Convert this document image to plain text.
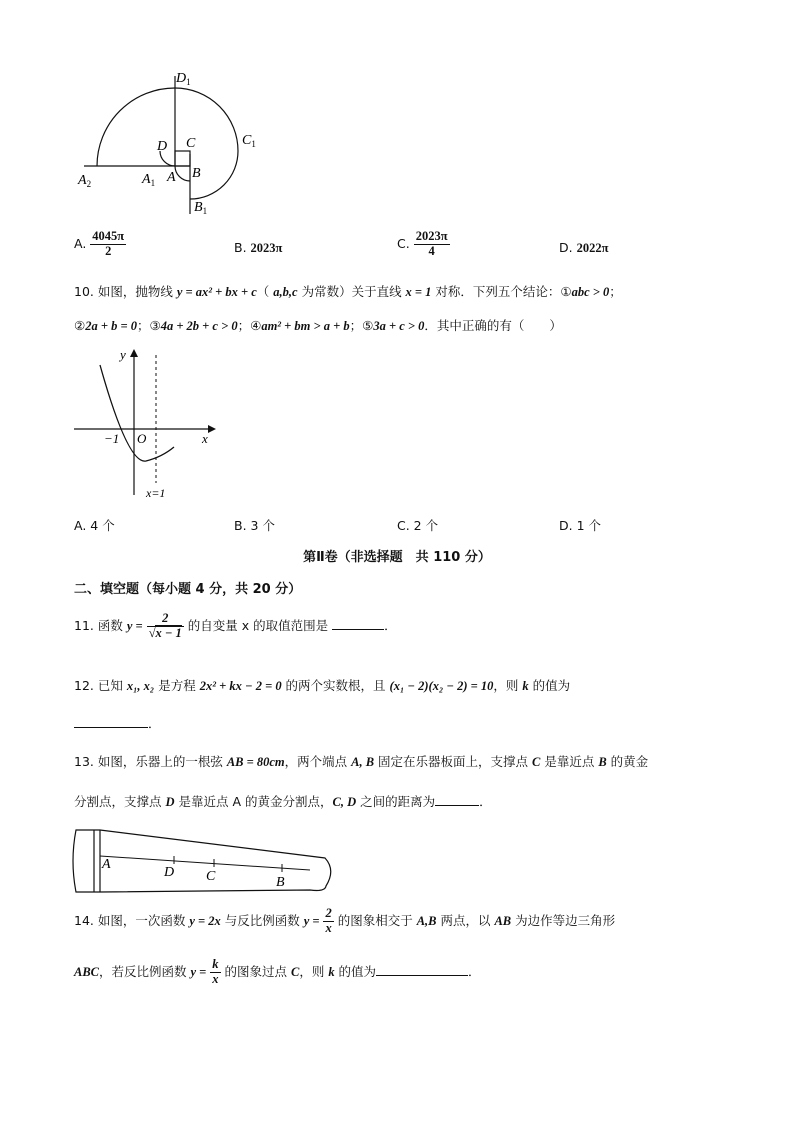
$D_1$
$C_1$
D C
$A_2$	$A_1$ A B
$B_1$
A. $\frac{4045\pi}{2}$	B. 2023π	C. $\frac{2023\pi}{4}$	D. 2022π
10. 如图，抛物线 y = ax² + bx + c（ a,b,c 为常数）关于直线 x = 1 对称．下列五个结论：①abc > 0；
②2a + b = 0；③4a + 2b + c > 0；④am² + bm > a + b；⑤3a + c > 0．其中正确的有（　　）
y
x
O
−1
x=1
A. 4 个	B. 3 个	C. 2 个	D. 1 个
第Ⅱ卷（非选择题　共 110 分）
二、填空题（每小题 4 分，共 20 分）
11. 函数 $y = \frac{2}{√x - 1}$ 的自变量 x 的取值范围是	．
12. 已知 x₁, x₂ 是方程 2x² + kx − 2 = 0 的两个实数根，且 (x₁ − 2)(x₂ − 2) = 10，则 k 的值为
．
13. 如图，乐器上的一根弦 AB = 80cm，两个端点 A, B 固定在乐器板面上，支撑点 C 是靠近点 B 的黄金
分割点，支撑点 D 是靠近点 A 的黄金分割点，C, D 之间的距离为	．
A
D C	B
14. 如图，一次函数 y = 2x 与反比例函数 $y = \frac{2}{x}$ 的图象相交于 A,B 两点，以 AB 为边作等边三角形
ABC，若反比例函数 $y = \frac{k}{x}$ 的图象过点 C，则 k 的值为	．
